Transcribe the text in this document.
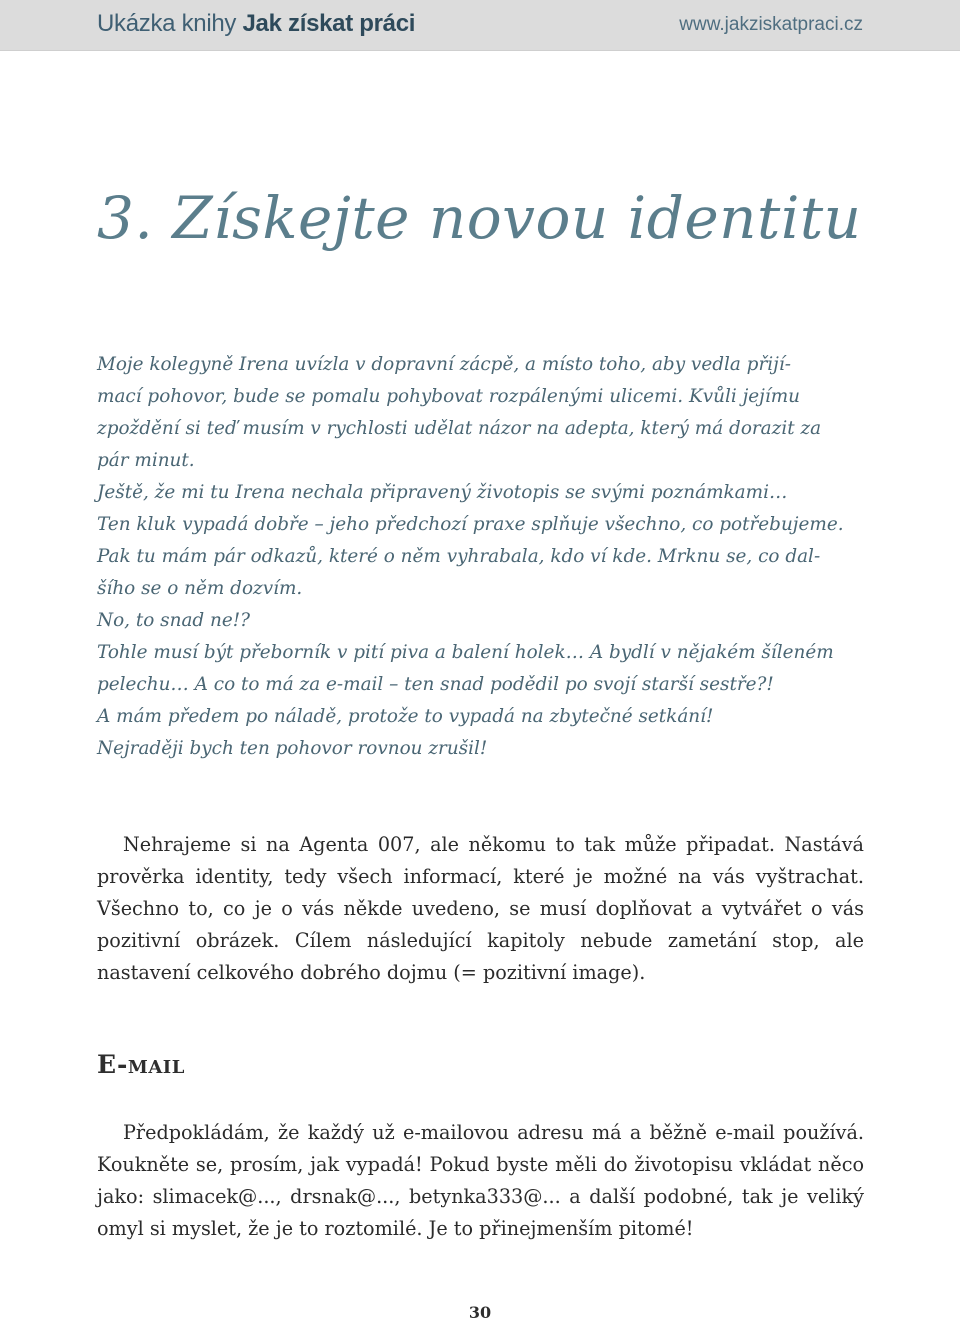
Ukázka knihy Jak získat práci	www.jakziskatpraci.cz
3. Získejte novou identitu

Moje kolegyně Irena uvízla v dopravní zácpě, a místo toho, aby vedla přijí-

mací pohovor, bude se pomalu pohybovat rozpálenými ulicemi. Kvůli jejímu

zpoždění si teď musím v rychlosti udělat názor na adepta, který má dorazit za

pár minut.

Ještě, že mi tu Irena nechala připravený životopis se svými poznámkami…

Ten kluk vypadá dobře – jeho předchozí praxe splňuje všechno, co potřebujeme.

Pak tu mám pár odkazů, které o něm vyhrabala, kdo ví kde. Mrknu se, co dal-

šího se o něm dozvím.

No, to snad ne!?

Tohle musí být přeborník v pití piva a balení holek… A bydlí v nějakém šíleném

pelechu… A co to má za e-mail – ten snad podědil po svojí starší sestře?!

A mám předem po náladě, protože to vypadá na zbytečné setkání!

Nejraději bych ten pohovor rovnou zrušil!

Nehrajeme si na Agenta 007, ale někomu to tak může připadat. Nastává prověrka identity, tedy všech informací, které je možné na vás vyštrachat. Všechno to, co je o vás někde uvedeno, se musí doplňovat a vytvářet o vás pozitivní obrázek. Cílem následující kapitoly nebude zametání stop, ale nastavení celkového dobrého dojmu (= pozitivní image).

E-mail

Předpokládám, že každý už e-mailovou adresu má a běžně e-mail používá. Koukněte se, prosím, jak vypadá! Pokud byste měli do životopisu vkládat něco jako: slimacek@..., drsnak@..., betynka333@... a další podobné, tak je veliký omyl si myslet, že je to roztomilé. Je to přinejmenším pitomé!

30
